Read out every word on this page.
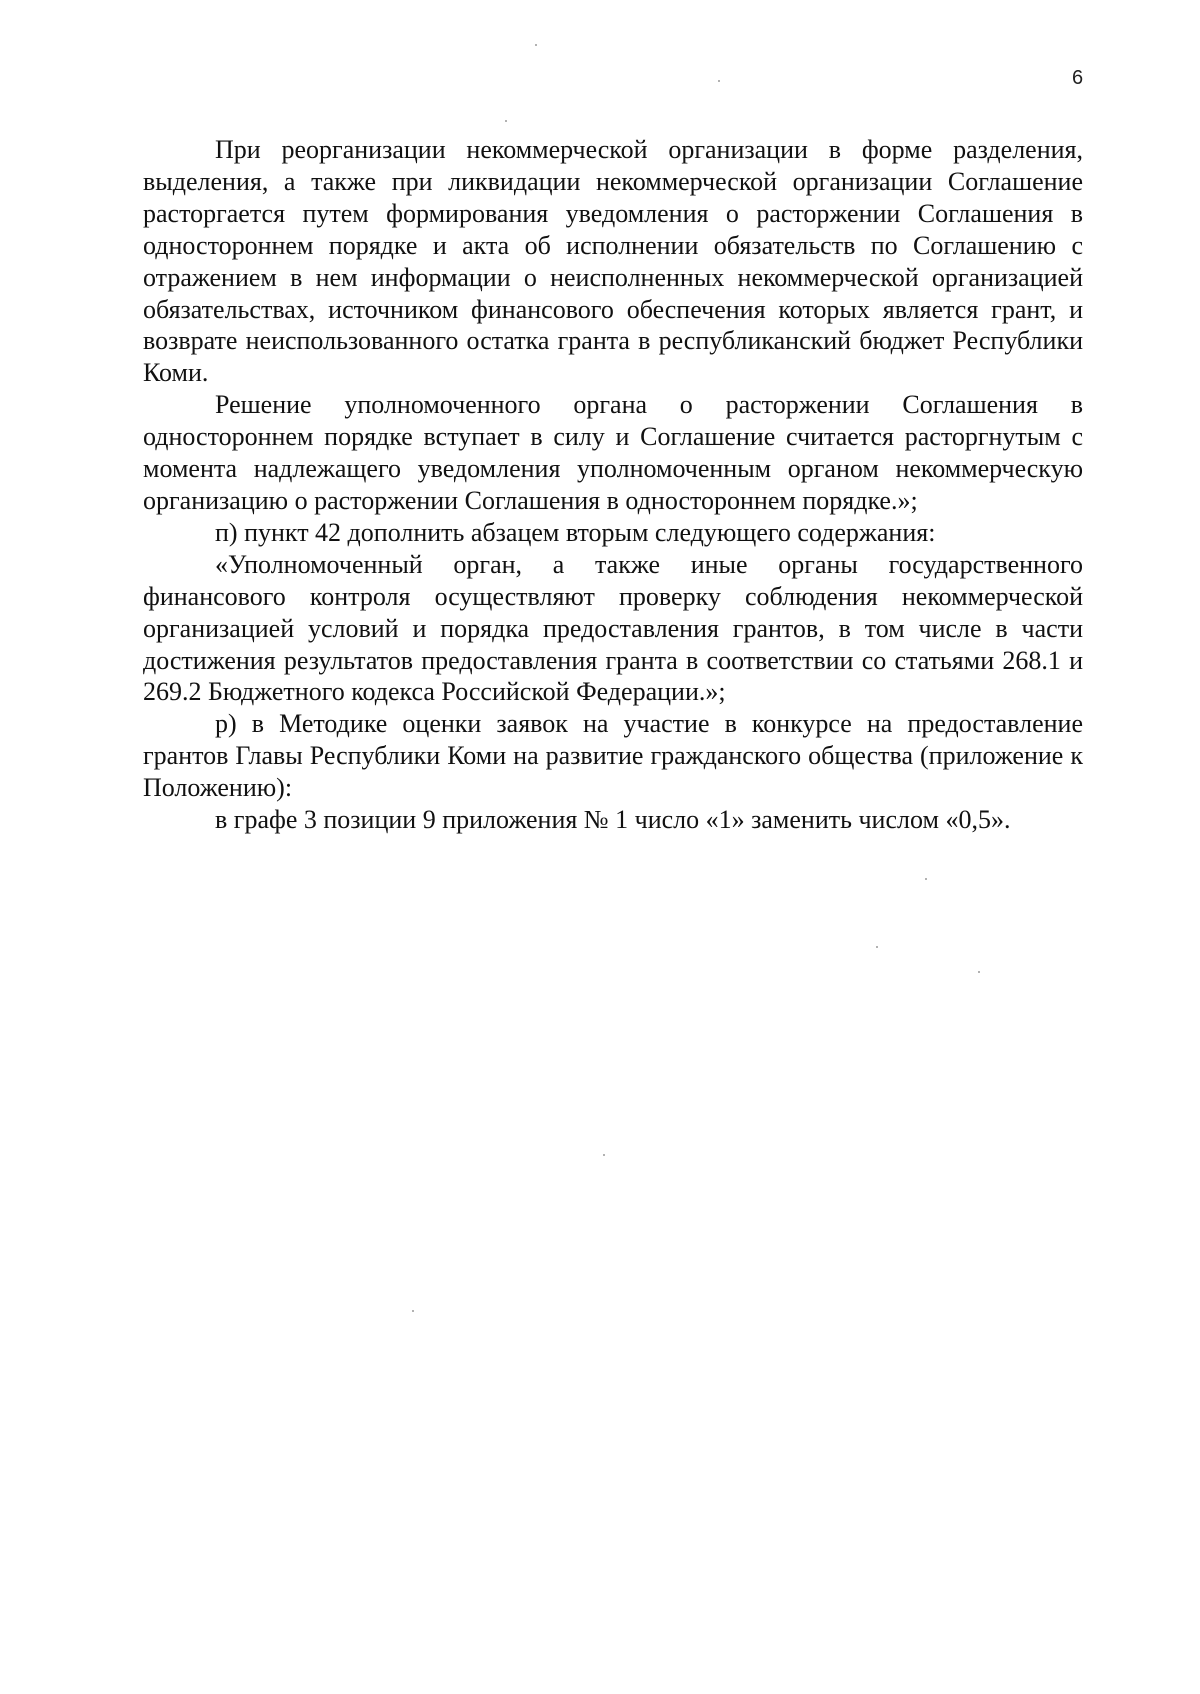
6

При реорганизации некоммерческой организации в форме разделения, выделения, а также при ликвидации некоммерческой организации Соглашение расторгается путем формирования уведомления о расторжении Соглашения в одностороннем порядке и акта об исполнении обязательств по Соглашению с отражением в нем информации о неисполненных некоммерческой организацией обязательствах, источником финансового обеспечения которых является грант, и возврате неиспользованного остатка гранта в республиканский бюджет Республики Коми.

Решение уполномоченного органа о расторжении Соглашения в одностороннем порядке вступает в силу и Соглашение считается расторгнутым с момента надлежащего уведомления уполномоченным органом некоммерческую организацию о расторжении Соглашения в одностороннем порядке.»;

п) пункт 42 дополнить абзацем вторым следующего содержания:

«Уполномоченный орган, а также иные органы государственного финансового контроля осуществляют проверку соблюдения некоммерческой организацией условий и порядка предоставления грантов, в том числе в части достижения результатов предоставления гранта в соответствии со статьями 268.1 и 269.2 Бюджетного кодекса Российской Федерации.»;

р) в Методике оценки заявок на участие в конкурсе на предоставление грантов Главы Республики Коми на развитие гражданского общества (приложение к Положению):

в графе 3 позиции 9 приложения № 1 число «1» заменить числом «0,5».
